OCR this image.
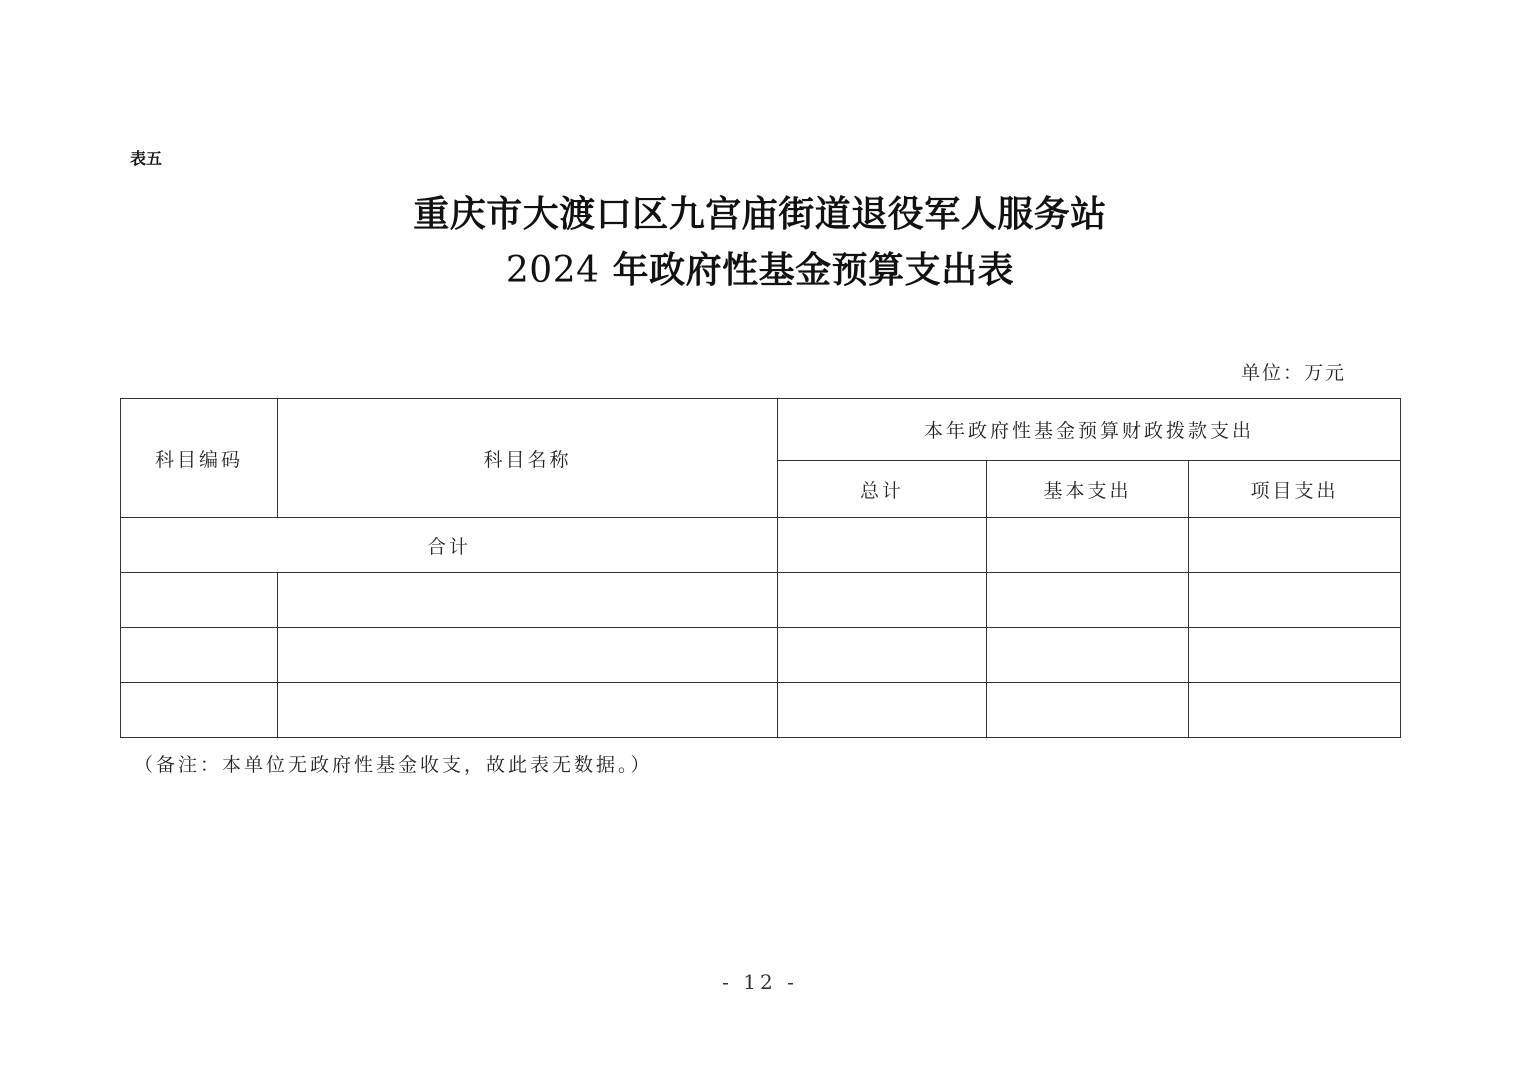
表五
重庆市大渡口区九宫庙街道退役军人服务站
2024 年政府性基金预算支出表
单位：万元
科目编码	科目名称	本年政府性基金预算财政拨款支出		
		总计	基本支出	项目支出
合计				

（备注：本单位无政府性基金收支，故此表无数据。）
- 12 -
